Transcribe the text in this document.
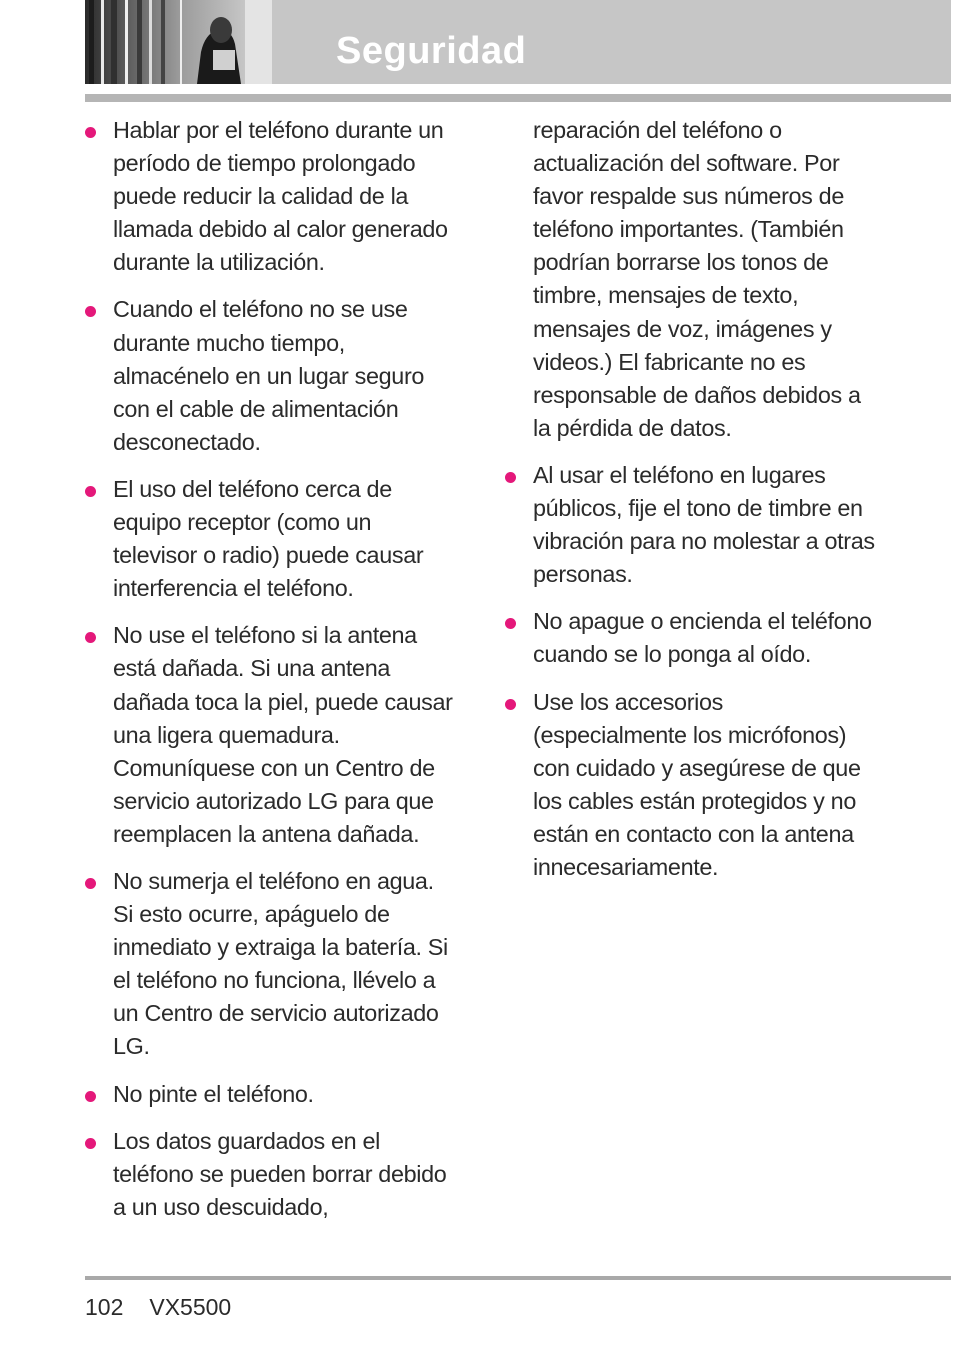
Seguridad
Hablar por el teléfono durante un período de tiempo prolongado puede reducir la calidad de la llamada debido al calor generado durante la utilización.
Cuando el teléfono no se use durante mucho tiempo, almacénelo en un lugar seguro con el cable de alimentación desconectado.
El uso del teléfono cerca de equipo receptor (como un televisor o radio) puede causar interferencia el teléfono.
No use el teléfono si la antena está dañada. Si una antena dañada toca la piel, puede causar una ligera quemadura. Comuníquese con un Centro de servicio autorizado LG para que reemplacen la antena dañada.
No sumerja el teléfono en agua. Si esto ocurre, apáguelo de inmediato y extraiga la batería. Si el teléfono no funciona, llévelo a un Centro de servicio autorizado LG.
No pinte el teléfono.
Los datos guardados en el teléfono se pueden borrar debido a un uso descuidado,

reparación del teléfono o actualización del software. Por favor respalde sus números de teléfono importantes. (También podrían borrarse los tonos de timbre, mensajes de texto, mensajes de voz, imágenes y videos.) El fabricante no es responsable de daños debidos a la pérdida de datos.

Al usar el teléfono en lugares públicos, fije el tono de timbre en vibración para no molestar a otras personas.
No apague o encienda el teléfono cuando se lo ponga al oído.
Use los accesorios (especialmente los micrófonos) con cuidado y asegúrese de que los cables están protegidos y no están en contacto con la antena innecesariamente.
102 VX5500
